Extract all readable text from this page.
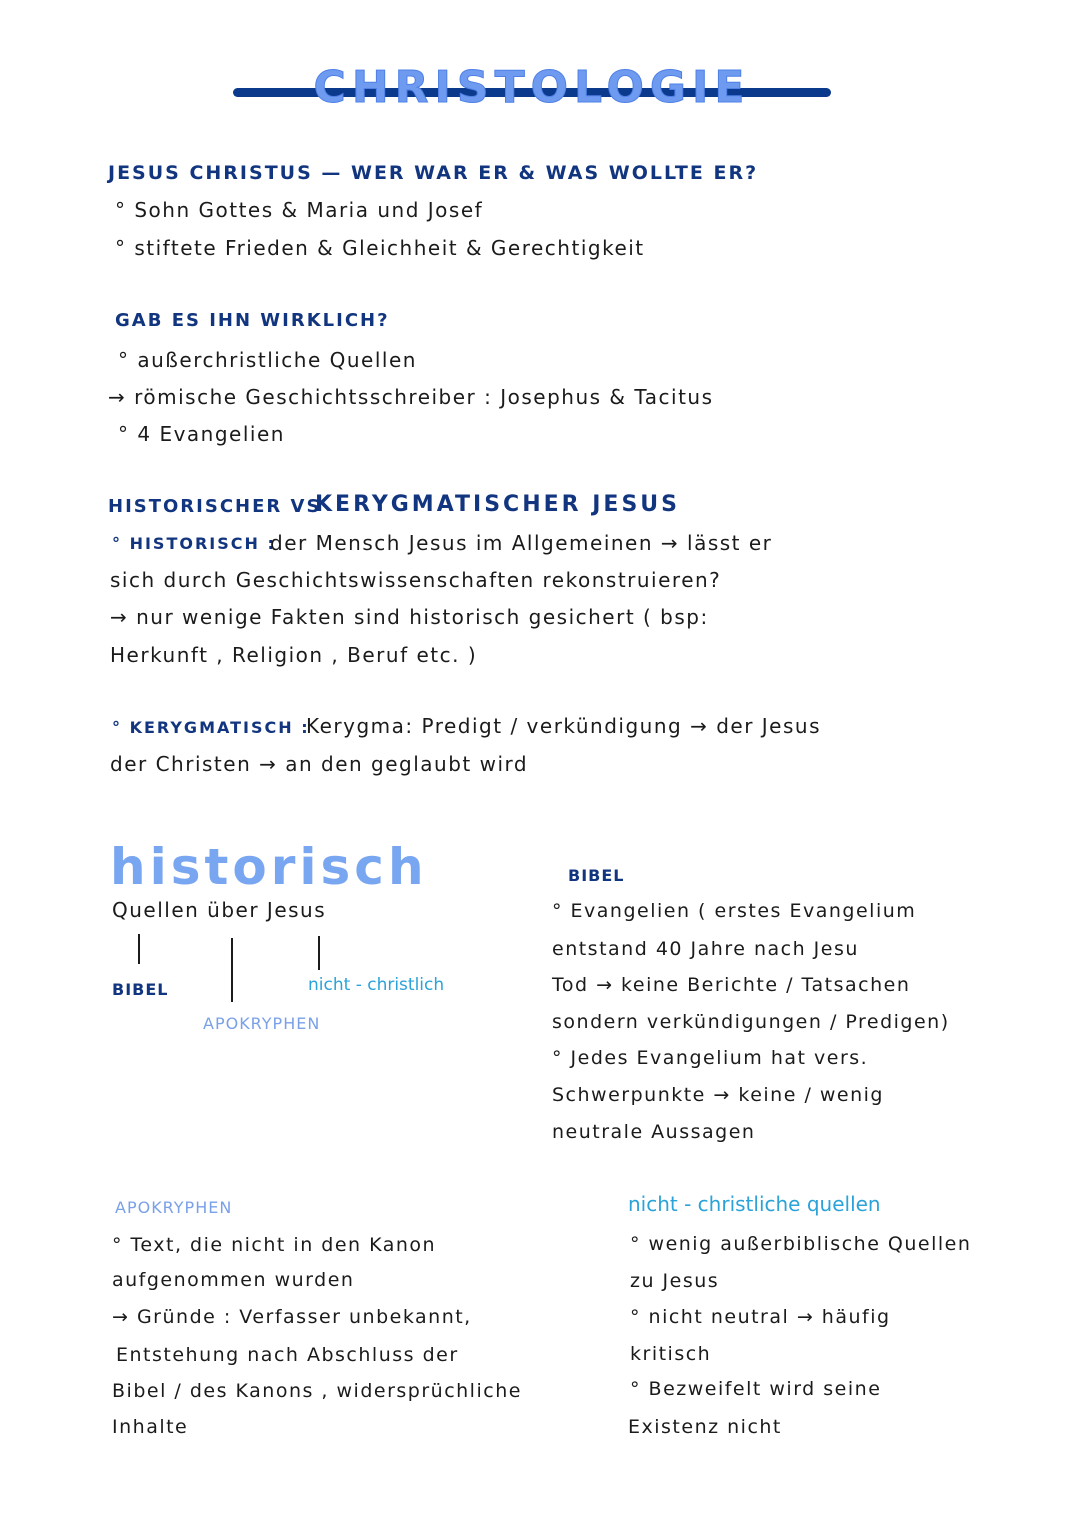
CHRISTOLOGIE
JESUS CHRISTUS — WER WAR ER & WAS WOLLTE ER?
° Sohn Gottes & Maria und Josef
° stiftete Frieden & Gleichheit & Gerechtigkeit
GAB ES IHN WIRKLICH?
° außerchristliche Quellen
→ römische Geschichtsschreiber : Josephus & Tacitus
° 4 Evangelien
HISTORISCHER VS
KERYGMATISCHER JESUS
° HISTORISCH :
der Mensch Jesus im Allgemeinen → lässt er
sich durch Geschichtswissenschaften rekonstruieren?
→ nur wenige Fakten sind historisch gesichert ( bsp:
Herkunft , Religion , Beruf etc. )
° KERYGMATISCH :
Kerygma: Predigt / verkündigung → der Jesus
der Christen → an den geglaubt wird
historisch
Quellen über Jesus
BIBEL
APOKRYPHEN
nicht - christlich
BIBEL
° Evangelien ( erstes Evangelium
entstand 40 Jahre nach Jesu
Tod → keine Berichte / Tatsachen
sondern verkündigungen / Predigen)
° Jedes Evangelium hat vers.
Schwerpunkte → keine / wenig
neutrale Aussagen
APOKRYPHEN
° Text, die nicht in den Kanon
aufgenommen wurden
→ Gründe : Verfasser unbekannt,
Entstehung nach Abschluss der
Bibel / des Kanons , widersprüchliche
Inhalte
nicht - christliche quellen
° wenig außerbiblische Quellen
zu Jesus
° nicht neutral → häufig
kritisch
° Bezweifelt wird seine
Existenz nicht
